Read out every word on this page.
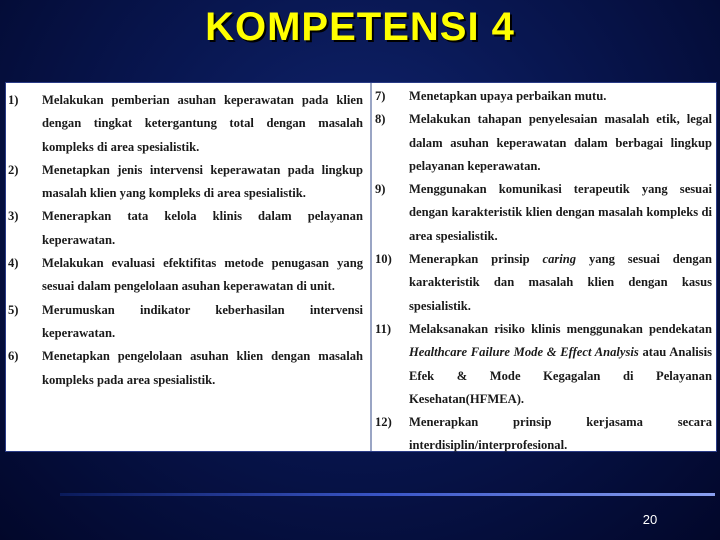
KOMPETENSI 4
1)	Melakukan pemberian asuhan keperawatan pada klien dengan tingkat ketergantung total dengan masalah kompleks di area spesialistik.
2)	Menetapkan jenis intervensi keperawatan pada lingkup masalah klien yang kompleks di area spesialistik.
3)	Menerapkan tata kelola klinis dalam pelayanan keperawatan.
4)	Melakukan evaluasi efektifitas metode penugasan yang sesuai dalam pengelolaan asuhan keperawatan di unit.
5)	Merumuskan indikator keberhasilan intervensi keperawatan.
6)	Menetapkan pengelolaan asuhan klien dengan masalah kompleks pada area spesialistik.
7)	Menetapkan upaya perbaikan mutu.
8)	Melakukan tahapan penyelesaian masalah etik, legal dalam asuhan keperawatan dalam berbagai lingkup pelayanan keperawatan.
9)	Menggunakan komunikasi terapeutik yang sesuai dengan karakteristik klien dengan masalah kompleks di area spesialistik.
10)	Menerapkan prinsip caring yang sesuai dengan karakteristik dan masalah klien dengan kasus spesialistik.
11)	Melaksanakan risiko klinis menggunakan pendekatan Healthcare Failure Mode & Effect Analysis atau Analisis Efek & Mode Kegagalan di Pelayanan Kesehatan(HFMEA).
12)	Menerapkan prinsip kerjasama secara interdisiplin/interprofesional.
20
